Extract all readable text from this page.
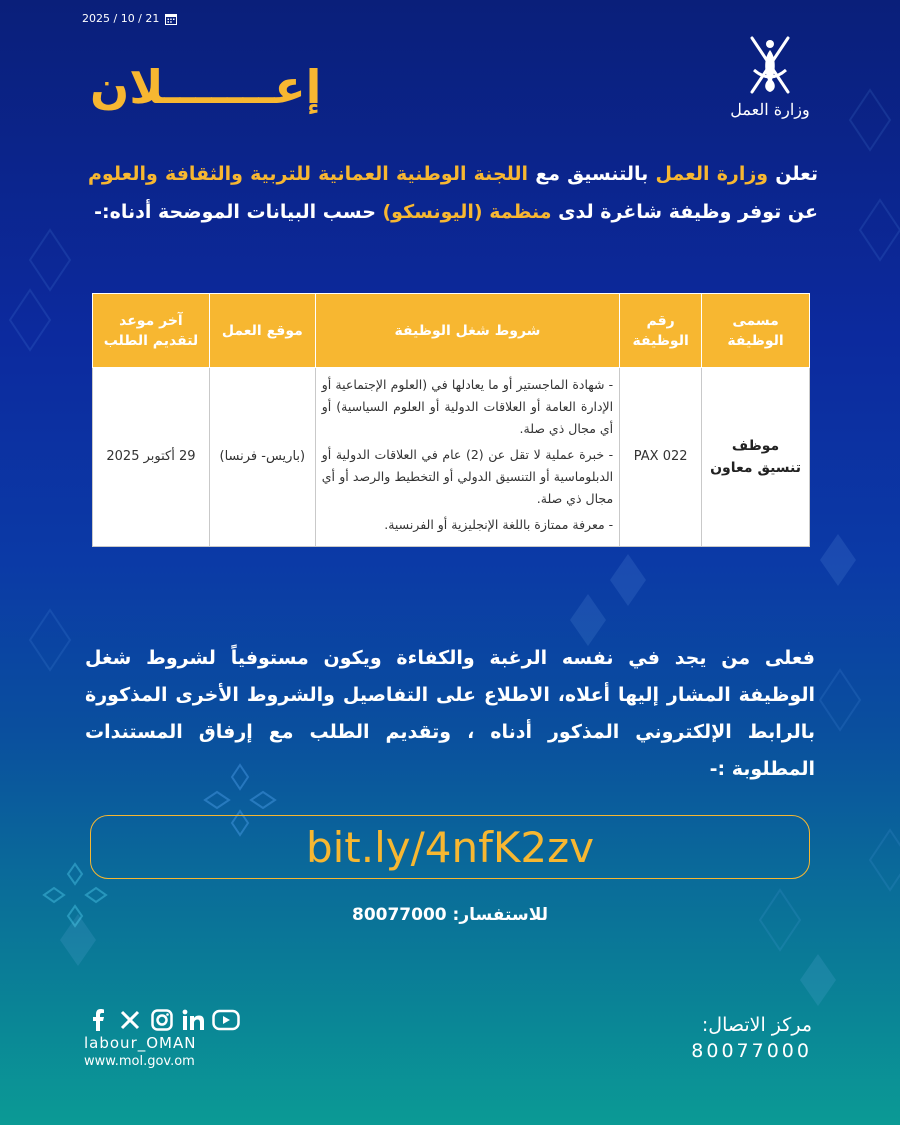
2025 / 10 / 21
إعـــــــلان	وزارة العمل
تعلن وزارة العمل بالتنسيق مع اللجنة الوطنية العمانية للتربية والثقافة والعلوم عن توفر وظيفة شاغرة لدى منظمة (اليونسكو) حسب البيانات الموضحة أدناه:-
مسمى الوظيفة	رقم الوظيفة	شروط شغل الوظيفة	موقع العمل	آخر موعد لتقديم الطلب
موظف تنسيق معاون	PAX 022	- شهادة الماجستير أو ما يعادلها في (العلوم الإجتماعية أو الإدارة العامة أو العلاقات الدولية أو العلوم السياسية) أو أي مجال ذي صلة.

- خبرة عملية لا تقل عن (2) عام في العلاقات الدولية أو الدبلوماسية أو التنسيق الدولي أو التخطيط والرصد أو أي مجال ذي صلة.

- معرفة ممتازة باللغة الإنجليزية أو الفرنسية.	(باريس- فرنسا)	29 أكتوبر 2025
فعلى من يجد في نفسه الرغبة والكفاءة ويكون مستوفياً لشروط شغل الوظيفة المشار إليها أعلاه، الاطلاع على التفاصيل والشروط الأخرى المذكورة بالرابط الإلكتروني المذكور أدناه ، وتقديم الطلب مع إرفاق المستندات المطلوبة :-
bit.ly/4nfK2zv
للاستفسار: 80077000
labour_OMAN
www.mol.gov.om
مركز الاتصال:
80077000
